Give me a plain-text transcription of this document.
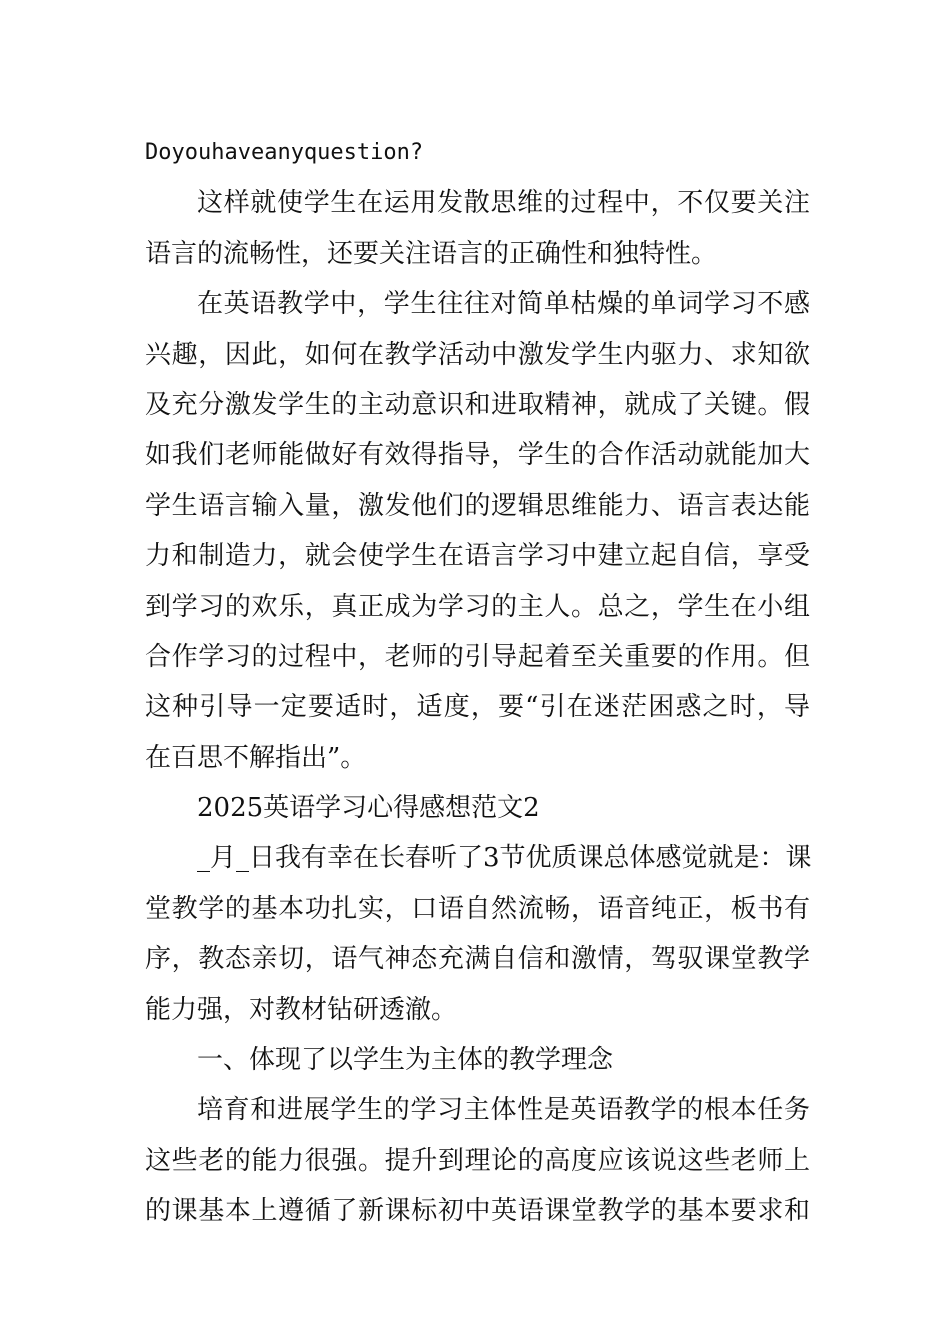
Doyouhaveanyquestion?
这样就使学生在运用发散思维的过程中，不仅要关注
语言的流畅性，还要关注语言的正确性和独特性。
在英语教学中，学生往往对简单枯燥的单词学习不感
兴趣，因此，如何在教学活动中激发学生内驱力、求知欲
及充分激发学生的主动意识和进取精神，就成了关键。假
如我们老师能做好有效得指导，学生的合作活动就能加大
学生语言输入量，激发他们的逻辑思维能力、语言表达能
力和制造力，就会使学生在语言学习中建立起自信，享受
到学习的欢乐，真正成为学习的主人。总之，学生在小组
合作学习的过程中，老师的引导起着至关重要的作用。但
这种引导一定要适时，适度，要“引在迷茫困惑之时，导
在百思不解指出”。
2025英语学习心得感想范文2
_月_日我有幸在长春听了3节优质课总体感觉就是：课
堂教学的基本功扎实，口语自然流畅，语音纯正，板书有
序，教态亲切，语气神态充满自信和激情，驾驭课堂教学
能力强，对教材钻研透澈。
一、体现了以学生为主体的教学理念
培育和进展学生的学习主体性是英语教学的根本任务
这些老的能力很强。提升到理论的高度应该说这些老师上
的课基本上遵循了新课标初中英语课堂教学的基本要求和
